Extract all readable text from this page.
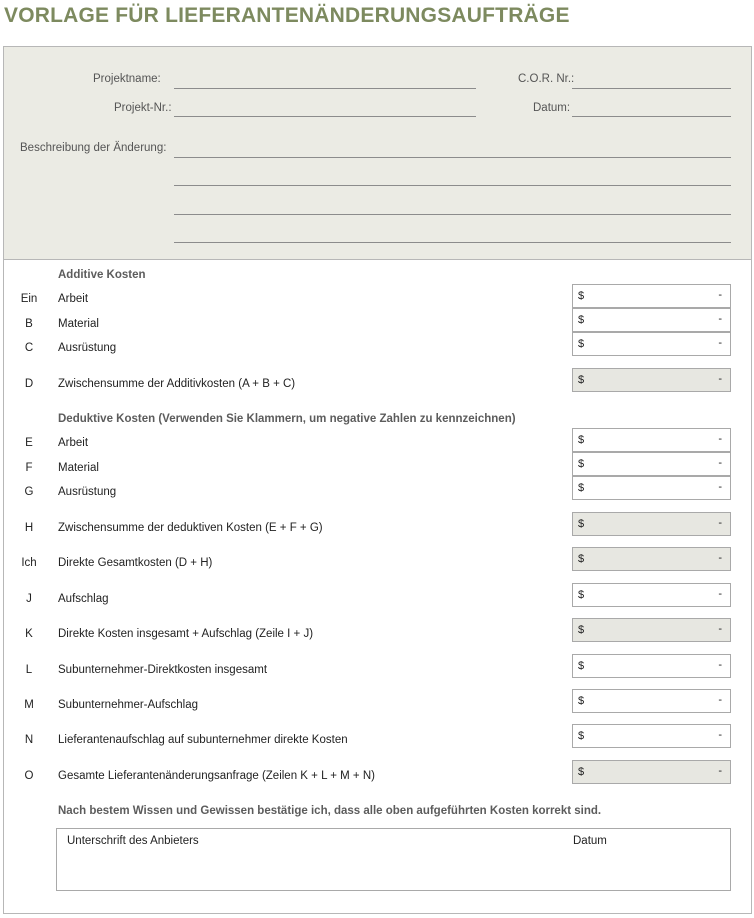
VORLAGE FÜR LIEFERANTENÄNDERUNGSAUFTRÄGE
Projektname:	C.O.R. Nr.:
Projekt-Nr.:	Datum:
Beschreibung der Änderung:
Additive Kosten
Ein	Arbeit	$	-
B	Material	$	-
C	Ausrüstung	$	-
D	Zwischensumme der Additivkosten (A + B + C)	$	-
Deduktive Kosten (Verwenden Sie Klammern, um negative Zahlen zu kennzeichnen)
E	Arbeit	$	-
F	Material	$	-
G	Ausrüstung	$	-
H	Zwischensumme der deduktiven Kosten (E + F + G)	$	-
Ich	Direkte Gesamtkosten (D + H)	$	-
J	Aufschlag	$	-
K	Direkte Kosten insgesamt + Aufschlag (Zeile I + J)	$	-
L	Subunternehmer-Direktkosten insgesamt	$	-
M	Subunternehmer-Aufschlag	$	-
N	Lieferantenaufschlag auf subunternehmer direkte Kosten	$	-
O	Gesamte Lieferantenänderungsanfrage (Zeilen K + L + M + N)	$	-
Nach bestem Wissen und Gewissen bestätige ich, dass alle oben aufgeführten Kosten korrekt sind.
Unterschrift des Anbieters	Datum
